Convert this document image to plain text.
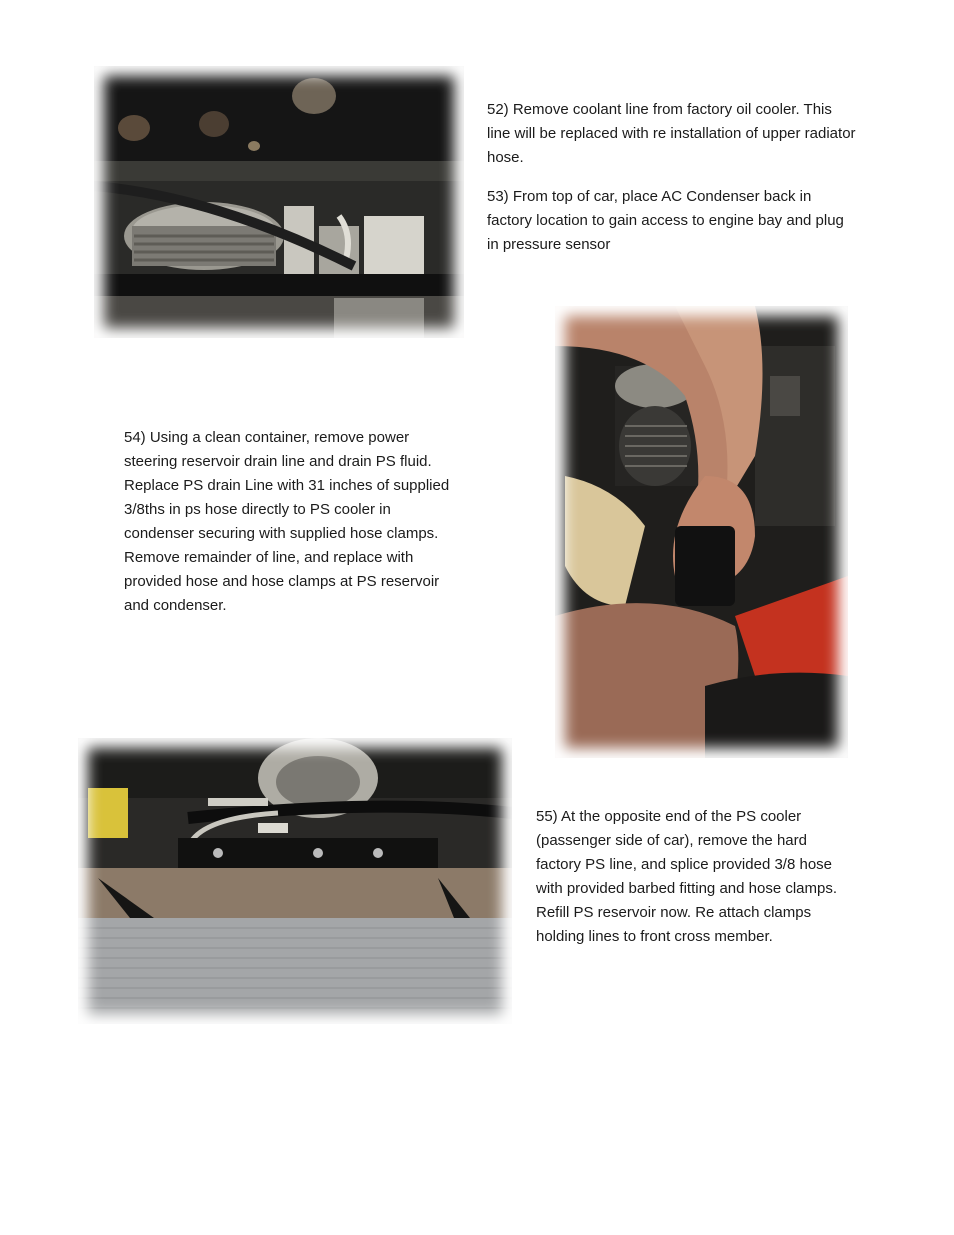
52) Remove coolant line from factory oil cooler. This line will be replaced with re installation of upper radiator hose.

53) From top of car, place AC Condenser back in factory location to gain access to engine bay and plug in pressure sensor

54) Using a clean container, remove power steering reservoir drain line and drain PS fluid. Replace PS drain Line with 31 inches of supplied 3/8ths in ps hose directly to PS cooler in condenser securing with supplied hose clamps. Remove remainder of line, and replace with provided hose and hose clamps at PS reservoir and condenser.

55) At the opposite end of the PS cooler (passenger side of car), remove the hard factory PS line, and splice provided 3/8 hose with provided barbed fitting and hose clamps. Refill PS reservoir now. Re attach clamps holding lines to front cross member.
